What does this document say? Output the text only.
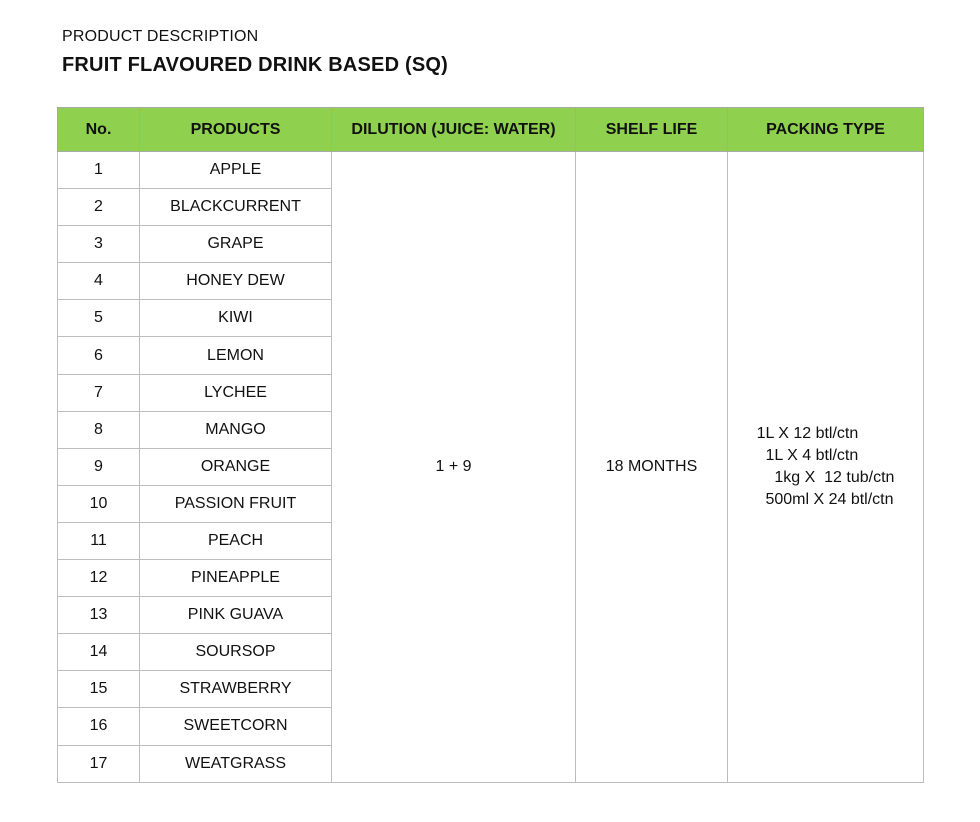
PRODUCT DESCRIPTION
FRUIT FLAVOURED DRINK BASED (SQ)
No.	PRODUCTS	DILUTION (JUICE: WATER)	SHELF LIFE	PACKING TYPE
1	APPLE	1 + 9	18 MONTHS	1L X 12 btl/ctn
1L X 4 btl/ctn
1kg X  12 tub/ctn
500ml X 24 btl/ctn

2	BLACKCURRENT			
3	GRAPE			
4	HONEY DEW			
5	KIWI			
6	LEMON			
7	LYCHEE			
8	MANGO			
9	ORANGE			
10	PASSION FRUIT			
11	PEACH			
12	PINEAPPLE			
13	PINK GUAVA			
14	SOURSOP			
15	STRAWBERRY			
16	SWEETCORN			
17	WEATGRASS			
